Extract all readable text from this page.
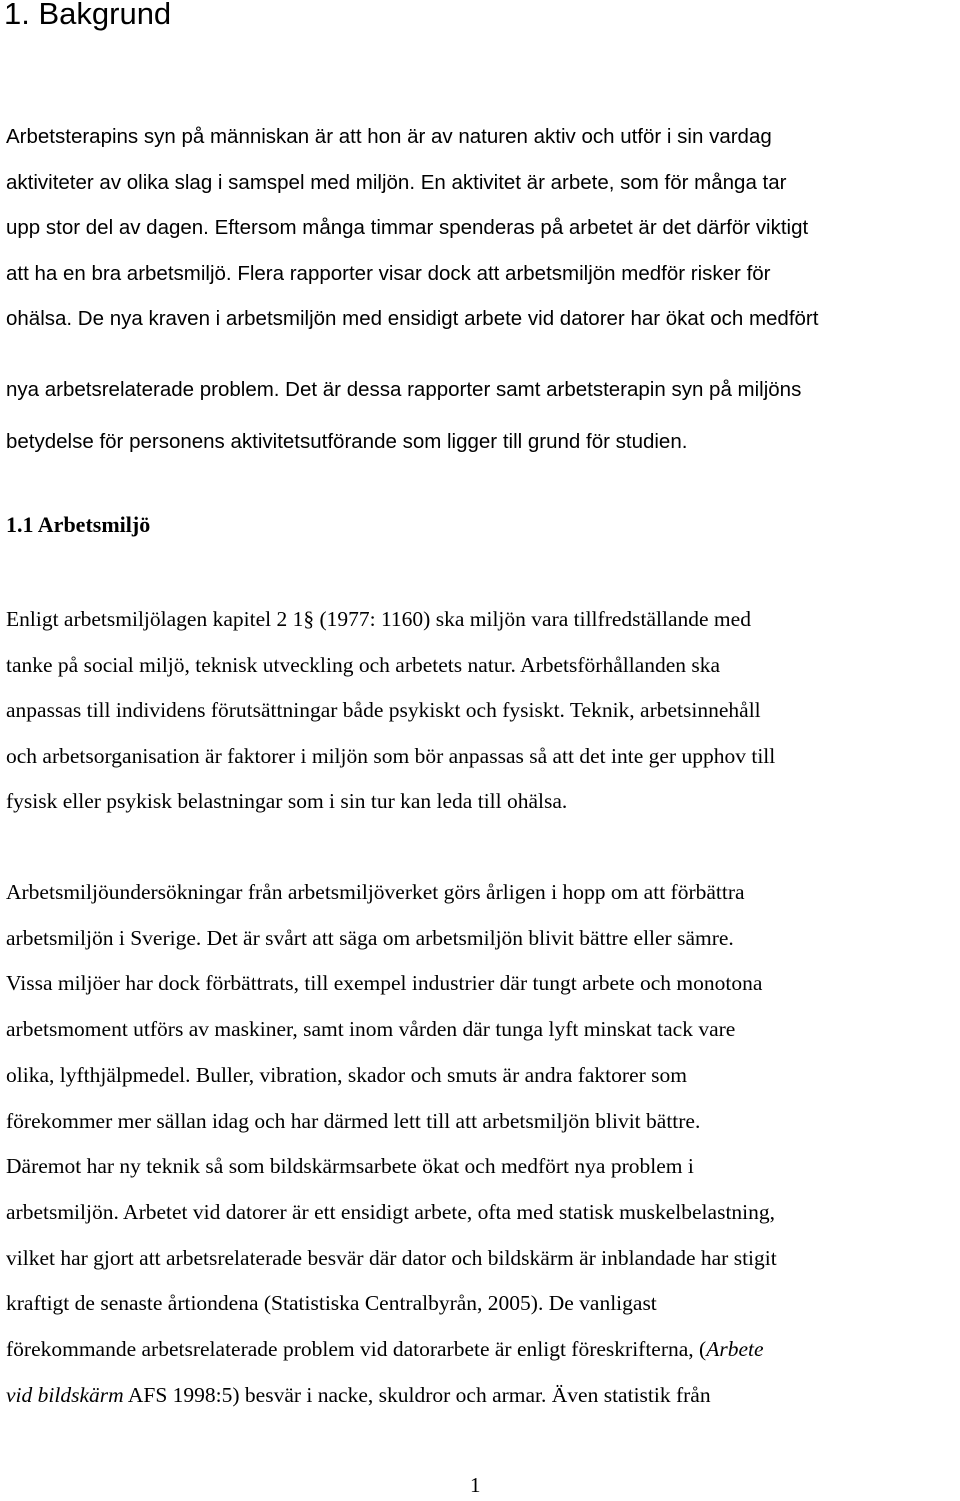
1. Bakgrund
Arbetsterapins syn på människan är att hon är av naturen aktiv och utför i sin vardag
aktiviteter av olika slag i samspel med miljön. En aktivitet är arbete, som för många tar
upp stor del av dagen. Eftersom många timmar spenderas på arbetet är det därför viktigt
att ha en bra arbetsmiljö. Flera rapporter visar dock att arbetsmiljön medför risker för
ohälsa. De nya kraven i arbetsmiljön med ensidigt arbete vid datorer har ökat och medfört
nya arbetsrelaterade problem. Det är dessa rapporter samt arbetsterapin syn på miljöns
betydelse för personens aktivitetsutförande som ligger till grund för studien.
1.1 Arbetsmiljö
Enligt arbetsmiljölagen kapitel 2 1§ (1977: 1160) ska miljön vara tillfredställande med
tanke på social miljö, teknisk utveckling och arbetets natur. Arbetsförhållanden ska
anpassas till individens förutsättningar både psykiskt och fysiskt. Teknik, arbetsinnehåll
och arbetsorganisation är faktorer i miljön som bör anpassas så att det inte ger upphov till
fysisk eller psykisk belastningar som i sin tur kan leda till ohälsa.
Arbetsmiljöundersökningar från arbetsmiljöverket görs årligen i hopp om att förbättra
arbetsmiljön i Sverige. Det är svårt att säga om arbetsmiljön blivit bättre eller sämre.
Vissa miljöer har dock förbättrats, till exempel industrier där tungt arbete och monotona
arbetsmoment utförs av maskiner, samt inom vården där tunga lyft minskat tack vare
olika, lyfthjälpmedel. Buller, vibration, skador och smuts är andra faktorer som
förekommer mer sällan idag och har därmed lett till att arbetsmiljön blivit bättre.
Däremot har ny teknik så som bildskärmsarbete ökat och medfört nya problem i
arbetsmiljön. Arbetet vid datorer är ett ensidigt arbete, ofta med statisk muskelbelastning,
vilket har gjort att arbetsrelaterade besvär där dator och bildskärm är inblandade har stigit
kraftigt de senaste årtiondena (Statistiska Centralbyrån, 2005). De vanligast
förekommande arbetsrelaterade problem vid datorarbete är enligt föreskrifterna, (Arbete
vid bildskärm AFS 1998:5) besvär i nacke, skuldror och armar. Även statistik från
1
